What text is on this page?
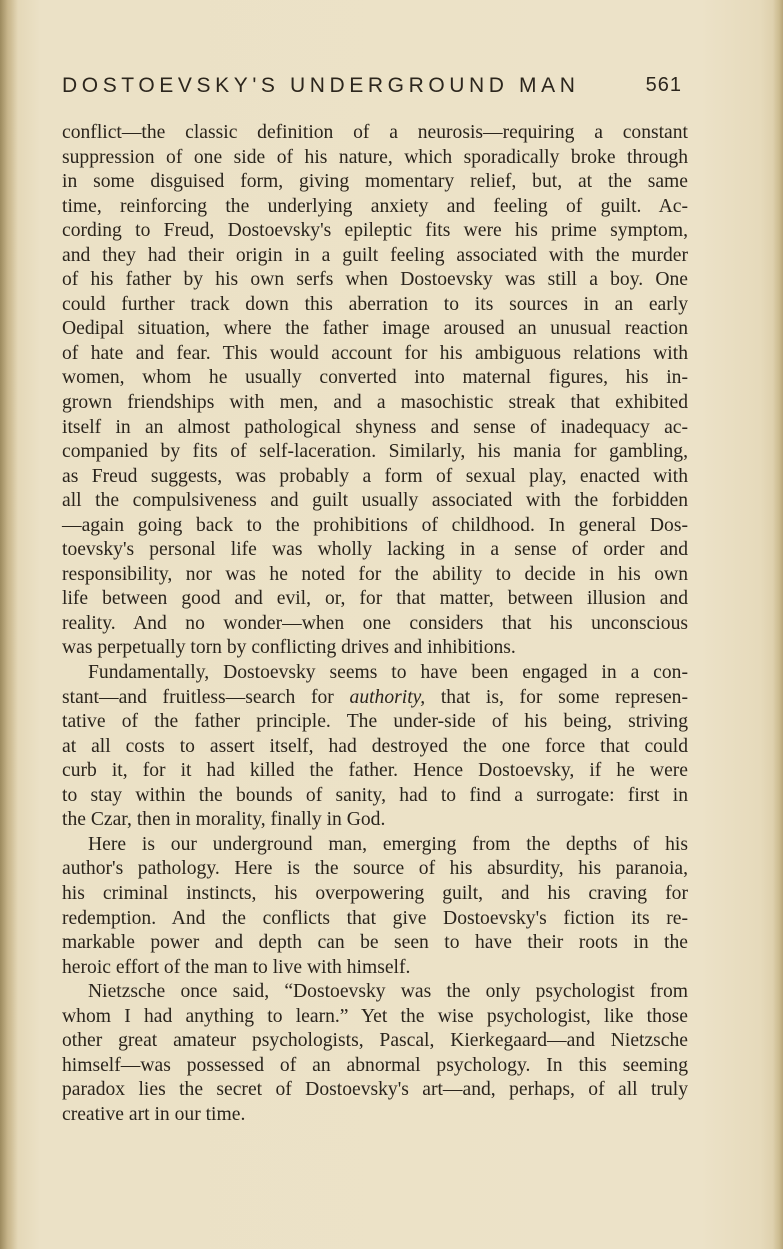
DOSTOEVSKY'S UNDERGROUND MAN	561
conflict—the classic definition of a neurosis—requiring a constant
suppression of one side of his nature, which sporadically broke through
in some disguised form, giving momentary relief, but, at the same
time, reinforcing the underlying anxiety and feeling of guilt. Ac-
cording to Freud, Dostoevsky's epileptic fits were his prime symptom,
and they had their origin in a guilt feeling associated with the murder
of his father by his own serfs when Dostoevsky was still a boy. One
could further track down this aberration to its sources in an early
Oedipal situation, where the father image aroused an unusual reaction
of hate and fear. This would account for his ambiguous relations with
women, whom he usually converted into maternal figures, his in-
grown friendships with men, and a masochistic streak that exhibited
itself in an almost pathological shyness and sense of inadequacy ac-
companied by fits of self-laceration. Similarly, his mania for gambling,
as Freud suggests, was probably a form of sexual play, enacted with
all the compulsiveness and guilt usually associated with the forbidden
—again going back to the prohibitions of childhood. In general Dos-
toevsky's personal life was wholly lacking in a sense of order and
responsibility, nor was he noted for the ability to decide in his own
life between good and evil, or, for that matter, between illusion and
reality. And no wonder—when one considers that his unconscious
was perpetually torn by conflicting drives and inhibitions.
Fundamentally, Dostoevsky seems to have been engaged in a con-
stant—and fruitless—search for authority, that is, for some represen-
tative of the father principle. The under-side of his being, striving
at all costs to assert itself, had destroyed the one force that could
curb it, for it had killed the father. Hence Dostoevsky, if he were
to stay within the bounds of sanity, had to find a surrogate: first in
the Czar, then in morality, finally in God.
Here is our underground man, emerging from the depths of his
author's pathology. Here is the source of his absurdity, his paranoia,
his criminal instincts, his overpowering guilt, and his craving for
redemption. And the conflicts that give Dostoevsky's fiction its re-
markable power and depth can be seen to have their roots in the
heroic effort of the man to live with himself.
Nietzsche once said, “Dostoevsky was the only psychologist from
whom I had anything to learn.” Yet the wise psychologist, like those
other great amateur psychologists, Pascal, Kierkegaard—and Nietzsche
himself—was possessed of an abnormal psychology. In this seeming
paradox lies the secret of Dostoevsky's art—and, perhaps, of all truly
creative art in our time.
